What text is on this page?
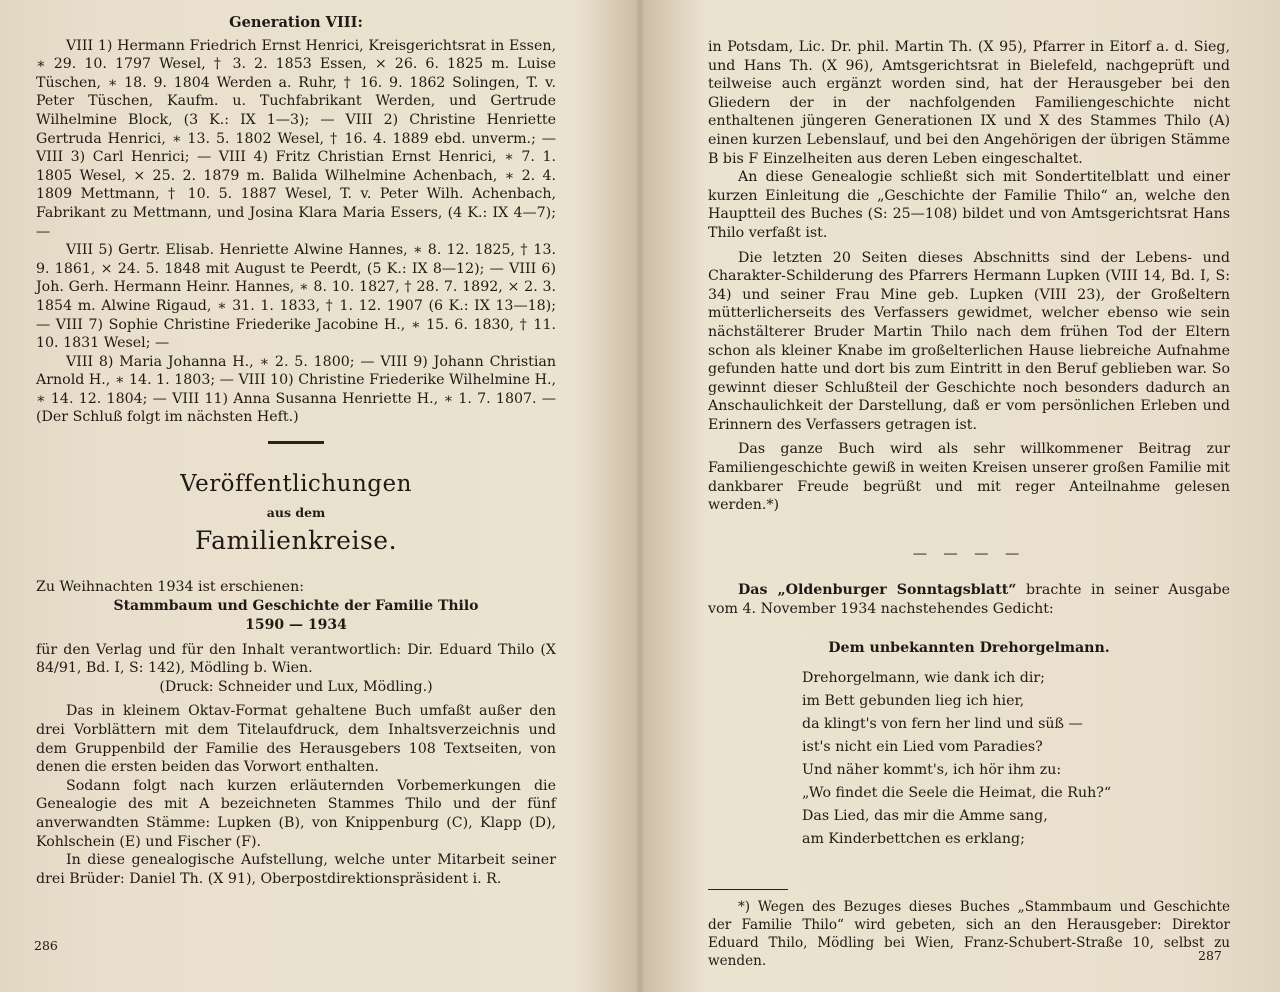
Generation VIII:

VIII 1) Hermann Friedrich Ernst Henrici, Kreisgerichtsrat in Essen, ∗ 29. 10. 1797 Wesel, † 3. 2. 1853 Essen, × 26. 6. 1825 m. Luise Tüschen, ∗ 18. 9. 1804 Werden a. Ruhr, † 16. 9. 1862 Solingen, T. v. Peter Tüschen, Kaufm. u. Tuchfabrikant Werden, und Gertrude Wilhelmine Block, (3 K.: IX 1—3); — VIII 2) Christine Henriette Gertruda Henrici, ∗ 13. 5. 1802 Wesel, † 16. 4. 1889 ebd. unverm.; — VIII 3) Carl Henrici; — VIII 4) Fritz Christian Ernst Henrici, ∗ 7. 1. 1805 Wesel, × 25. 2. 1879 m. Balida Wilhelmine Achenbach, ∗ 2. 4. 1809 Mettmann, † 10. 5. 1887 Wesel, T. v. Peter Wilh. Achenbach, Fabrikant zu Mettmann, und Josina Klara Maria Essers, (4 K.: IX 4—7); —

VIII 5) Gertr. Elisab. Henriette Alwine Hannes, ∗ 8. 12. 1825, † 13. 9. 1861, × 24. 5. 1848 mit August te Peerdt, (5 K.: IX 8—12); — VIII 6) Joh. Gerh. Hermann Heinr. Hannes, ∗ 8. 10. 1827, † 28. 7. 1892, × 2. 3. 1854 m. Alwine Rigaud, ∗ 31. 1. 1833, † 1. 12. 1907 (6 K.: IX 13—18); — VIII 7) Sophie Christine Friederike Jacobine H., ∗ 15. 6. 1830, † 11. 10. 1831 Wesel; —

VIII 8) Maria Johanna H., ∗ 2. 5. 1800; — VIII 9) Johann Christian Arnold H., ∗ 14. 1. 1803; — VIII 10) Christine Friederike Wilhelmine H., ∗ 14. 12. 1804; — VIII 11) Anna Susanna Henriette H., ∗ 1. 7. 1807. — (Der Schluß folgt im nächsten Heft.)

Veröffentlichungen

aus dem

Familienkreise.

Zu Weihnachten 1934 ist erschienen:

Stammbaum und Geschichte der Familie Thilo

1590 — 1934

für den Verlag und für den Inhalt verantwortlich: Dir. Eduard Thilo (X 84/91, Bd. I, S: 142), Mödling b. Wien.

(Druck: Schneider und Lux, Mödling.)

Das in kleinem Oktav-Format gehaltene Buch umfaßt außer den drei Vorblättern mit dem Titelaufdruck, dem Inhaltsverzeichnis und dem Gruppenbild der Familie des Herausgebers 108 Textseiten, von denen die ersten beiden das Vorwort enthalten.

Sodann folgt nach kurzen erläuternden Vorbemerkungen die Genealogie des mit A bezeichneten Stammes Thilo und der fünf anverwandten Stämme: Lupken (B), von Knippenburg (C), Klapp (D), Kohlschein (E) und Fischer (F).

In diese genealogische Aufstellung, welche unter Mitarbeit seiner drei Brüder: Daniel Th. (X 91), Oberpostdirektionspräsident i. R.

286

in Potsdam, Lic. Dr. phil. Martin Th. (X 95), Pfarrer in Eitorf a. d. Sieg, und Hans Th. (X 96), Amtsgerichtsrat in Bielefeld, nachgeprüft und teilweise auch ergänzt worden sind, hat der Herausgeber bei den Gliedern der in der nachfolgenden Familiengeschichte nicht enthaltenen jüngeren Generationen IX und X des Stammes Thilo (A) einen kurzen Lebenslauf, und bei den Angehörigen der übrigen Stämme B bis F Einzelheiten aus deren Leben eingeschaltet.

An diese Genealogie schließt sich mit Sondertitelblatt und einer kurzen Einleitung die „Geschichte der Familie Thilo“ an, welche den Hauptteil des Buches (S: 25—108) bildet und von Amtsgerichtsrat Hans Thilo verfaßt ist.

Die letzten 20 Seiten dieses Abschnitts sind der Lebens- und Charakter-Schilderung des Pfarrers Hermann Lupken (VIII 14, Bd. I, S: 34) und seiner Frau Mine geb. Lupken (VIII 23), der Großeltern mütterlicherseits des Verfassers gewidmet, welcher ebenso wie sein nächstälterer Bruder Martin Thilo nach dem frühen Tod der Eltern schon als kleiner Knabe im großelterlichen Hause liebreiche Aufnahme gefunden hatte und dort bis zum Eintritt in den Beruf geblieben war. So gewinnt dieser Schlußteil der Geschichte noch besonders dadurch an Anschaulichkeit der Darstellung, daß er vom persönlichen Erleben und Erinnern des Verfassers getragen ist.

Das ganze Buch wird als sehr willkommener Beitrag zur Familiengeschichte gewiß in weiten Kreisen unserer großen Familie mit dankbarer Freude begrüßt und mit reger Anteilnahme gelesen werden.*)

— — — —

Das „Oldenburger Sonntagsblatt“ brachte in seiner Ausgabe vom 4. November 1934 nachstehendes Gedicht:

Dem unbekannten Drehorgelmann.

Drehorgelmann, wie dank ich dir;

im Bett gebunden lieg ich hier,

da klingt's von fern her lind und süß —

ist's nicht ein Lied vom Paradies?

Und näher kommt's, ich hör ihm zu:

„Wo findet die Seele die Heimat, die Ruh?“

Das Lied, das mir die Amme sang,

am Kinderbettchen es erklang;

*) Wegen des Bezuges dieses Buches „Stammbaum und Geschichte der Familie Thilo“ wird gebeten, sich an den Herausgeber: Direktor Eduard Thilo, Mödling bei Wien, Franz-Schubert-Straße 10, selbst zu wenden.	287
